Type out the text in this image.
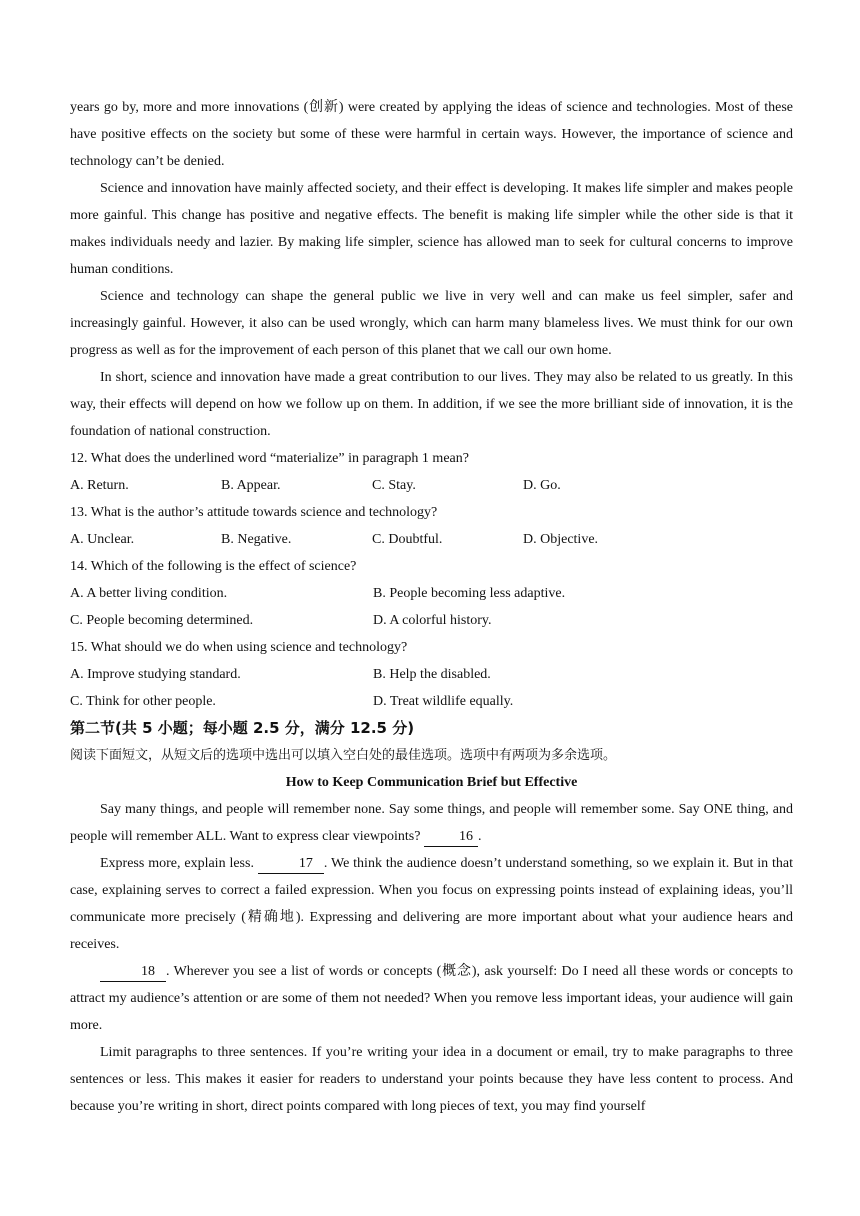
years go by, more and more innovations (创新) were created by applying the ideas of science and technologies. Most of these have positive effects on the society but some of these were harmful in certain ways. However, the importance of science and technology can’t be denied.

Science and innovation have mainly affected society, and their effect is developing. It makes life simpler and makes people more gainful. This change has positive and negative effects. The benefit is making life simpler while the other side is that it makes individuals needy and lazier. By making life simpler, science has allowed man to seek for cultural concerns to improve human conditions.

Science and technology can shape the general public we live in very well and can make us feel simpler, safer and increasingly gainful. However, it also can be used wrongly, which can harm many blameless lives. We must think for our own progress as well as for the improvement of each person of this planet that we call our own home.

In short, science and innovation have made a great contribution to our lives. They may also be related to us greatly. In this way, their effects will depend on how we follow up on them. In addition, if we see the more brilliant side of innovation, it is the foundation of national construction.

12. What does the underlined word “materialize” in paragraph 1 mean?

A. Return.	B. Appear.	C. Stay.	D. Go.

13. What is the author’s attitude towards science and technology?

A. Unclear.	B. Negative.	C. Doubtful.	D. Objective.

14. Which of the following is the effect of science?

A. A better living condition.	B. People becoming less adaptive.
C. People becoming determined.	D. A colorful history.

15. What should we do when using science and technology?

A. Improve studying standard.	B. Help the disabled.
C. Think for other people.	D. Treat wildlife equally.

第二节(共 5 小题；每小题 2.5 分，满分 12.5 分)

阅读下面短文，从短文后的选项中选出可以填入空白处的最佳选项。选项中有两项为多余选项。

How to Keep Communication Brief but Effective

Say many things, and people will remember none. Say some things, and people will remember some. Say ONE thing, and people will remember ALL. Want to express clear viewpoints?	16 .

Express more, explain less.	17 . We think the audience doesn’t understand something, so we explain it. But in that case, explaining serves to correct a failed expression. When you focus on expressing points instead of explaining ideas, you’ll communicate more precisely (精确地). Expressing and delivering are more important about what your audience hears and receives.

18 . Wherever you see a list of words or concepts (概念), ask yourself: Do I need all these words or concepts to attract my audience’s attention or are some of them not needed? When you remove less important ideas, your audience will gain more.

Limit paragraphs to three sentences. If you’re writing your idea in a document or email, try to make paragraphs to three sentences or less. This makes it easier for readers to understand your points because they have less content to process. And because you’re writing in short, direct points compared with long pieces of text, you may find yourself
